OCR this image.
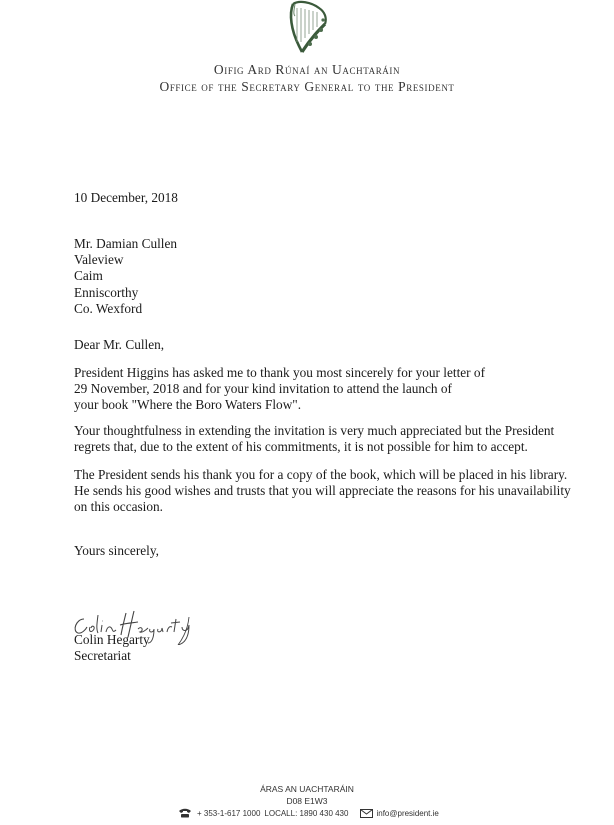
Oifig Ard Rúnaí an Uachtaráin
Office of the Secretary General to the President
10 December, 2018
Mr. Damian Cullen
Valeview
Caim
Enniscorthy
Co. Wexford
Dear Mr. Cullen,
President Higgins has asked me to thank you most sincerely for your letter of
29 November, 2018 and for your kind invitation to attend the launch of
your book "Where the Boro Waters Flow".
Your thoughtfulness in extending the invitation is very much appreciated but the President
regrets that, due to the extent of his commitments, it is not possible for him to accept.
The President sends his thank you for a copy of the book, which will be placed in his library.
He sends his good wishes and trusts that you will appreciate the reasons for his unavailability
on this occasion.
Yours sincerely,
Colin Hegarty
Secretariat
ÁRAS AN UACHTARÁIN
D08 E1W3
+ 353-1-617 1000 LOCALL: 1890 430 430	info@president.ie
